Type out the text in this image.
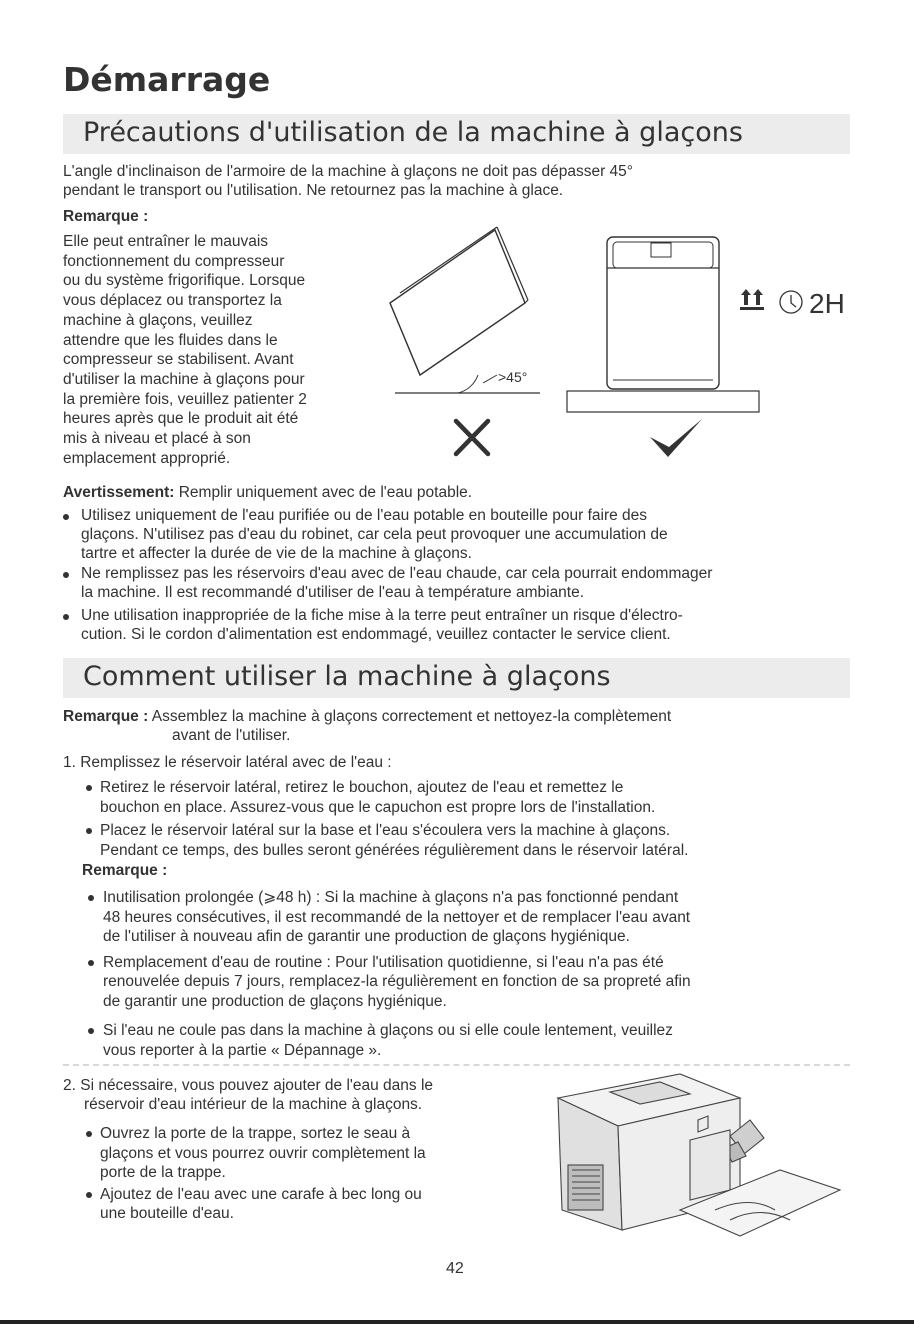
Démarrage
Précautions d'utilisation de la machine à glaçons
L'angle d'inclinaison de l'armoire de la machine à glaçons ne doit pas dépasser 45°
pendant le transport ou l'utilisation. Ne retournez pas la machine à glace.
Remarque :
Elle peut entraîner le mauvais
fonctionnement du compresseur
ou du système frigorifique. Lorsque
vous déplacez ou transportez la
machine à glaçons, veuillez
attendre que les fluides dans le
compresseur se stabilisent. Avant
d'utiliser la machine à glaçons pour
la première fois, veuillez patienter 2
heures après que le produit ait été
mis à niveau et placé à son
emplacement approprié.
>45°
2H
Avertissement: Remplir uniquement avec de l'eau potable.
Utilisez uniquement de l'eau purifiée ou de l'eau potable en bouteille pour faire des
glaçons. N'utilisez pas d'eau du robinet, car cela peut provoquer une accumulation de
tartre et affecter la durée de vie de la machine à glaçons.
Ne remplissez pas les réservoirs d'eau avec de l'eau chaude, car cela pourrait endommager
la machine. Il est recommandé d'utiliser de l'eau à température ambiante.
Une utilisation inappropriée de la fiche mise à la terre peut entraîner un risque d'électro-
cution. Si le cordon d'alimentation est endommagé, veuillez contacter le service client.
Comment utiliser la machine à glaçons
Remarque : Assemblez la machine à glaçons correctement et nettoyez-la complètement
avant de l'utiliser.
1. Remplissez le réservoir latéral avec de l'eau :
Retirez le réservoir latéral, retirez le bouchon, ajoutez de l'eau et remettez le
bouchon en place. Assurez-vous que le capuchon est propre lors de l'installation.
Placez le réservoir latéral sur la base et l'eau s'écoulera vers la machine à glaçons.
Pendant ce temps, des bulles seront générées régulièrement dans le réservoir latéral.
Remarque :
Inutilisation prolongée (⩾48 h) : Si la machine à glaçons n'a pas fonctionné pendant
48 heures consécutives, il est recommandé de la nettoyer et de remplacer l'eau avant
de l'utiliser à nouveau afin de garantir une production de glaçons hygiénique.
Remplacement d'eau de routine : Pour l'utilisation quotidienne, si l'eau n'a pas été
renouvelée depuis 7 jours, remplacez-la régulièrement en fonction de sa propreté afin
de garantir une production de glaçons hygiénique.
Si l'eau ne coule pas dans la machine à glaçons ou si elle coule lentement, veuillez
vous reporter à la partie « Dépannage ».
2. Si nécessaire, vous pouvez ajouter de l'eau dans le
réservoir d'eau intérieur de la machine à glaçons.
Ouvrez la porte de la trappe, sortez le seau à
glaçons et vous pourrez ouvrir complètement la
porte de la trappe.
Ajoutez de l'eau avec une carafe à bec long ou
une bouteille d'eau.
42
